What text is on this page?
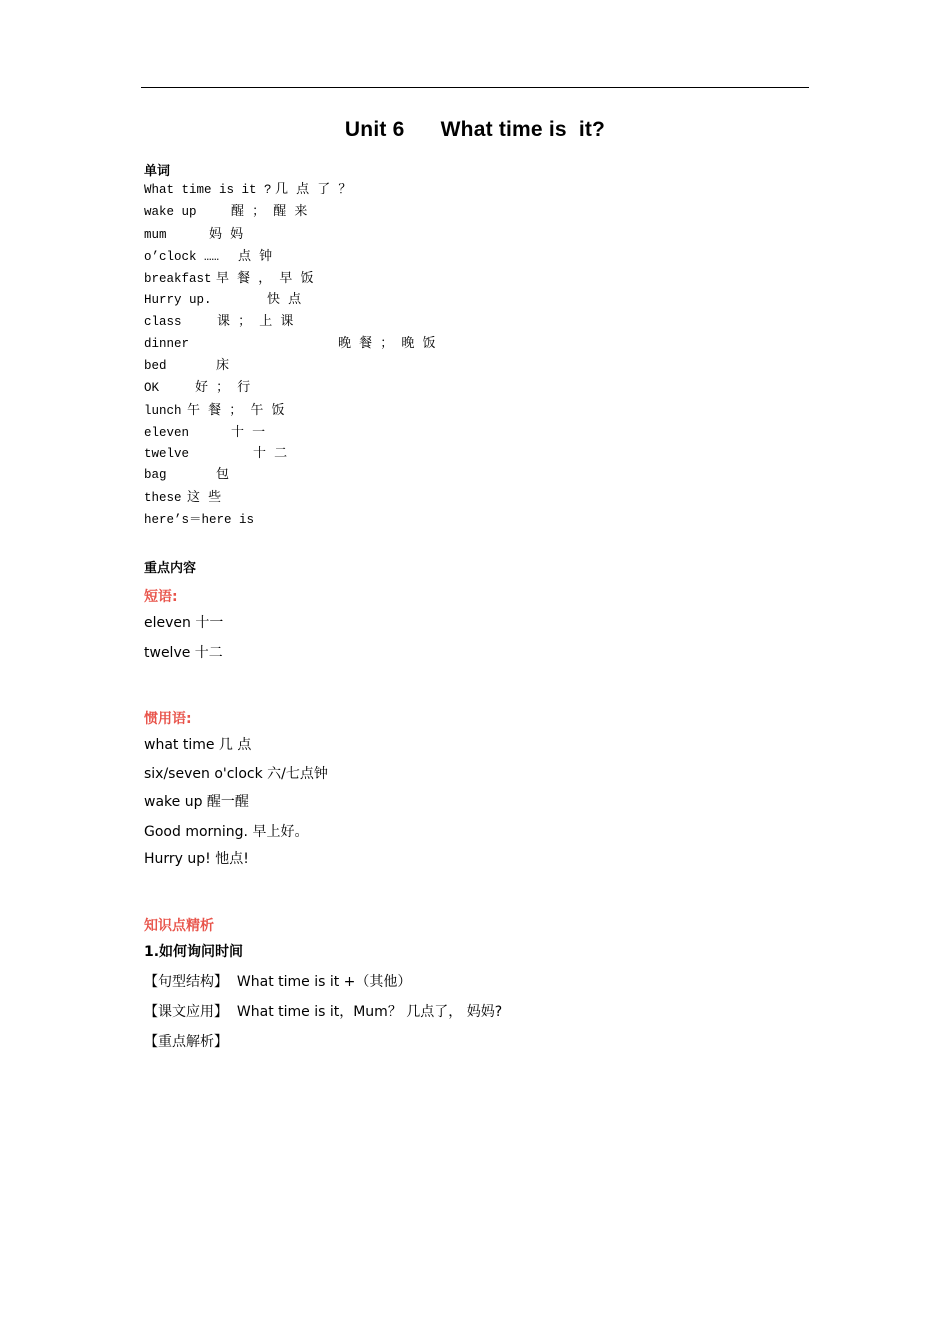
Unit 6      What time is  it?
单词
What time is it ? 几 点 了 ？
wake up	醒 ； 醒 来
mum	妈 妈
o’clock …… 点 钟
breakfast 早 餐 ， 早 饭
Hurry up.	快 点
class	课 ； 上 课
dinner	晚 餐 ； 晚 饭
bed	床
OK	好 ； 行
lunch 午 餐 ； 午 饭
eleven	十 一
twelve	十 二
bag	包
these 这 些
here’s＝here is
重点内容
短语:
eleven 十一
twelve 十二
惯用语:
what time 几 点
six/seven o'clock 六/七点钟
wake up 醒一醒
Good morning. 早上好。
Hurry up! 忚点!
知识点精析
1.如何询问时间
【句型结构】  What time is it +（其他）
【课文应用】  What time is it，Mum？ 几点了， 妈妈?
【重点解析】
